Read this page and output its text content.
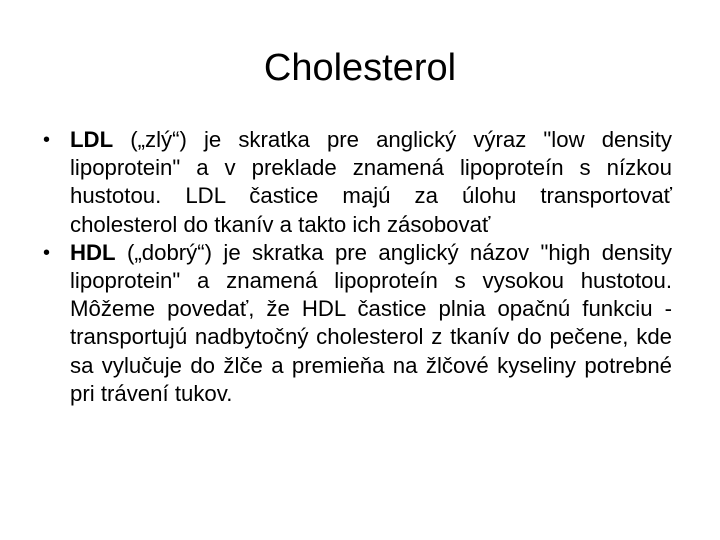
Cholesterol
• LDL („zlý“) je skratka pre anglický výraz "low density lipoprotein" a v preklade znamená lipoproteín s nízkou hustotou. LDL častice majú za úlohu transportovať cholesterol do tkanív a takto ich zásobovať
• HDL („dobrý“) je skratka pre anglický názov "high density lipoprotein" a znamená lipoproteín s vysokou hustotou. Môžeme povedať, že HDL častice plnia opačnú funkciu - transportujú nadbytočný cholesterol z tkanív do pečene, kde sa vylučuje do žlče a premieňa na žlčové kyseliny potrebné pri trávení tukov.
